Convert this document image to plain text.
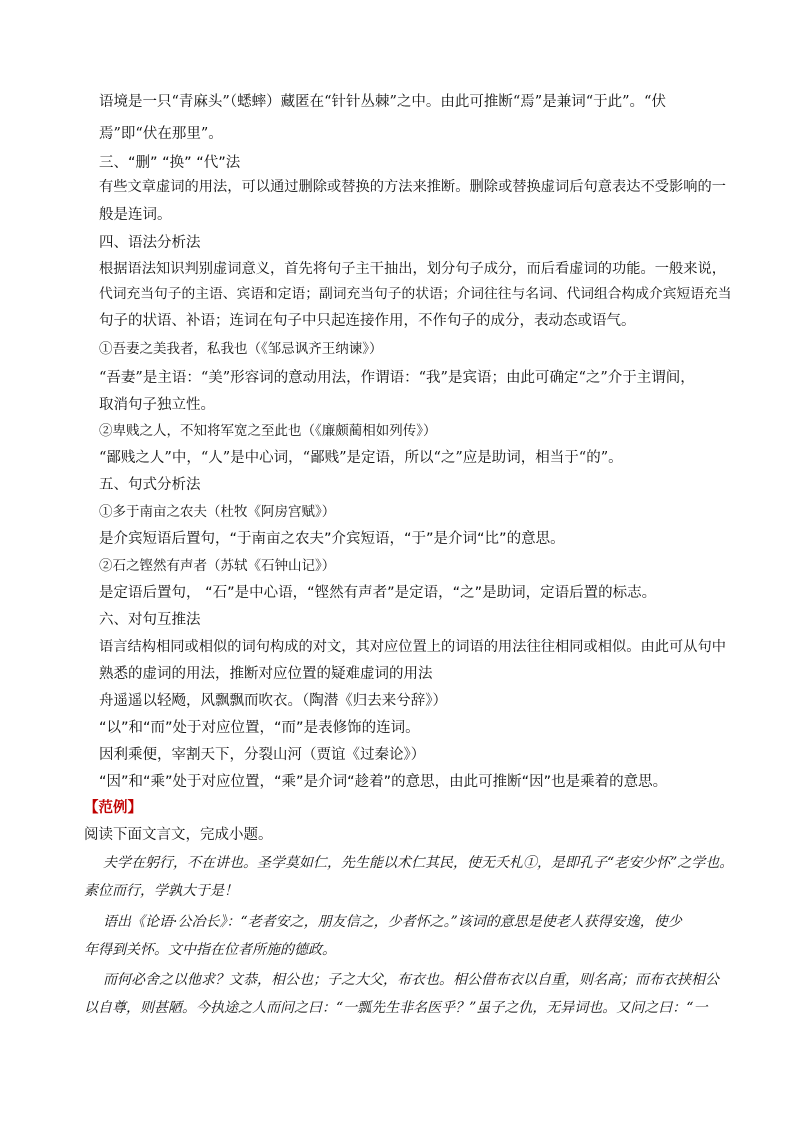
语境是一只“青麻头”（蟋蟀）藏匿在“针针丛棘”之中。由此可推断“焉”是兼词“于此”。“伏
焉”即“伏在那里”。
三、“删” “换” “代”法
有些文章虚词的用法，可以通过删除或替换的方法来推断。删除或替换虚词后句意表达不受影响的一
般是连词。
四、语法分析法
根据语法知识判别虚词意义，首先将句子主干抽出，划分句子成分，而后看虚词的功能。一般来说，
代词充当句子的主语、宾语和定语；副词充当句子的状语；介词往往与名词、代词组合构成介宾短语充当
句子的状语、补语；连词在句子中只起连接作用，不作句子的成分，表动态或语气。
①吾妻之美我者，私我也（《邹忌讽齐王纳谏》）
“吾妻”是主语：“美”形容词的意动用法，作谓语：“我”是宾语；由此可确定“之”介于主谓间，
取消句子独立性。
②卑贱之人，不知将军宽之至此也（《廉颇蔺相如列传》）
“鄙贱之人”中，“人”是中心词，“鄙贱”是定语，所以“之”应是助词，相当于“的”。
五、句式分析法
①多于南亩之农夫（杜牧《阿房宫赋》）
是介宾短语后置句，“于南亩之农夫”介宾短语，“于”是介词“比”的意思。
②石之铿然有声者（苏轼《石钟山记》）
是定语后置句， “石”是中心语，“铿然有声者”是定语，“之”是助词，定语后置的标志。
六、对句互推法
语言结构相同或相似的词句构成的对文，其对应位置上的词语的用法往往相同或相似。由此可从句中
熟悉的虚词的用法，推断对应位置的疑难虚词的用法
舟遥遥以轻飏，风飘飘而吹衣。（陶潜《归去来兮辞》）
“以”和“而”处于对应位置，“而”是表修饰的连词。
因利乘便，宰割天下，分裂山河（贾谊《过秦论》）
“因”和“乘”处于对应位置，“乘”是介词“趁着”的意思，由此可推断“因”也是乘着的意思。
【范例】
阅读下面文言文，完成小题。
夫学在躬行，不在讲也。圣学莫如仁，先生能以术仁其民，使无夭札①，是即孔子“老安少怀”之学也。
素位而行，学孰大于是！
语出《论语·公冶长》：“老者安之，朋友信之，少者怀之。”该词的意思是使老人获得安逸，使少
年得到关怀。文中指在位者所施的德政。
而何必舍之以他求？文恭，相公也；子之大父，布衣也。相公借布衣以自重，则名高；而布衣挟相公
以自尊，则甚陋。今执途之人而问之曰：“一瓢先生非名医乎？”虽子之仇，无异词也。又问之曰：“一
